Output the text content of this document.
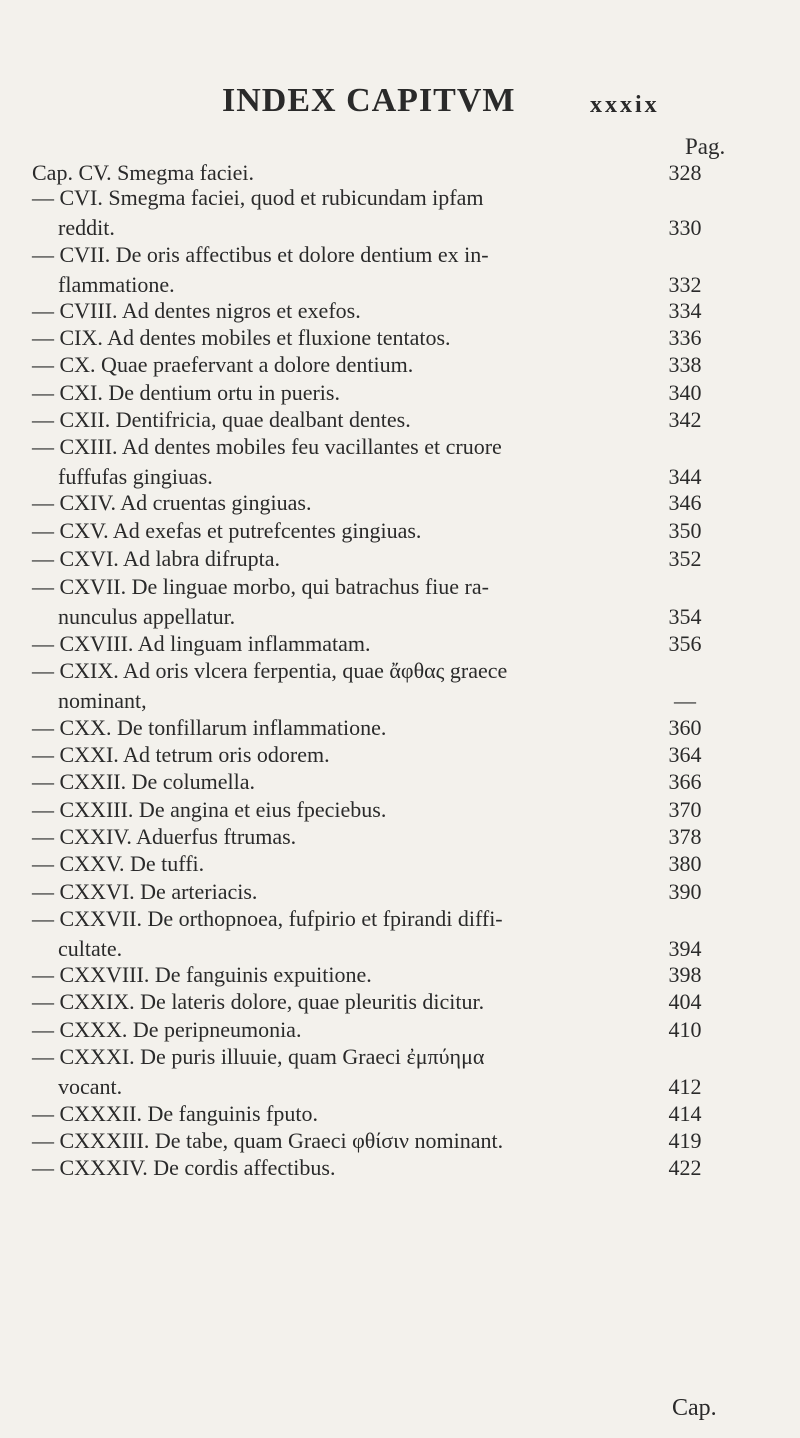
INDEX CAPITVM	xxxix
Pag.
Cap. CV. Smegma faciei.	328
— CVI. Smegma faciei, quod et rubicundam ipfam
reddit.	330
— CVII. De oris affectibus et dolore dentium ex in-
flammatione.	332
— CVIII. Ad dentes nigros et exefos.	334
— CIX. Ad dentes mobiles et fluxione tentatos.	336
— CX. Quae praefervant a dolore dentium.	338
— CXI. De dentium ortu in pueris.	340
— CXII. Dentifricia, quae dealbant dentes.	342
— CXIII. Ad dentes mobiles feu vacillantes et cruore
fuffufas gingiuas.	344
— CXIV. Ad cruentas gingiuas.	346
— CXV. Ad exefas et putrefcentes gingiuas.	350
— CXVI. Ad labra difrupta.	352
— CXVII. De linguae morbo, qui batrachus fiue ra-
nunculus appellatur.	354
— CXVIII. Ad linguam inflammatam.	356
— CXIX. Ad oris vlcera ferpentia, quae ἄφθας graece
nominant,	—
— CXX. De tonfillarum inflammatione.	360
— CXXI. Ad tetrum oris odorem.	364
— CXXII. De columella.	366
— CXXIII. De angina et eius fpeciebus.	370
— CXXIV. Aduerfus ftrumas.	378
— CXXV. De tuffi.	380
— CXXVI. De arteriacis.	390
— CXXVII. De orthopnoea, fufpirio et fpirandi diffi-
cultate.	394
— CXXVIII. De fanguinis expuitione.	398
— CXXIX. De lateris dolore, quae pleuritis dicitur.	404
— CXXX. De peripneumonia.	410
— CXXXI. De puris illuuie, quam Graeci ἐμπύημα
vocant.	412
— CXXXII. De fanguinis fputo.	414
— CXXXIII. De tabe, quam Graeci φθίσιν nominant.	419
— CXXXIV. De cordis affectibus.	422
Cap.
